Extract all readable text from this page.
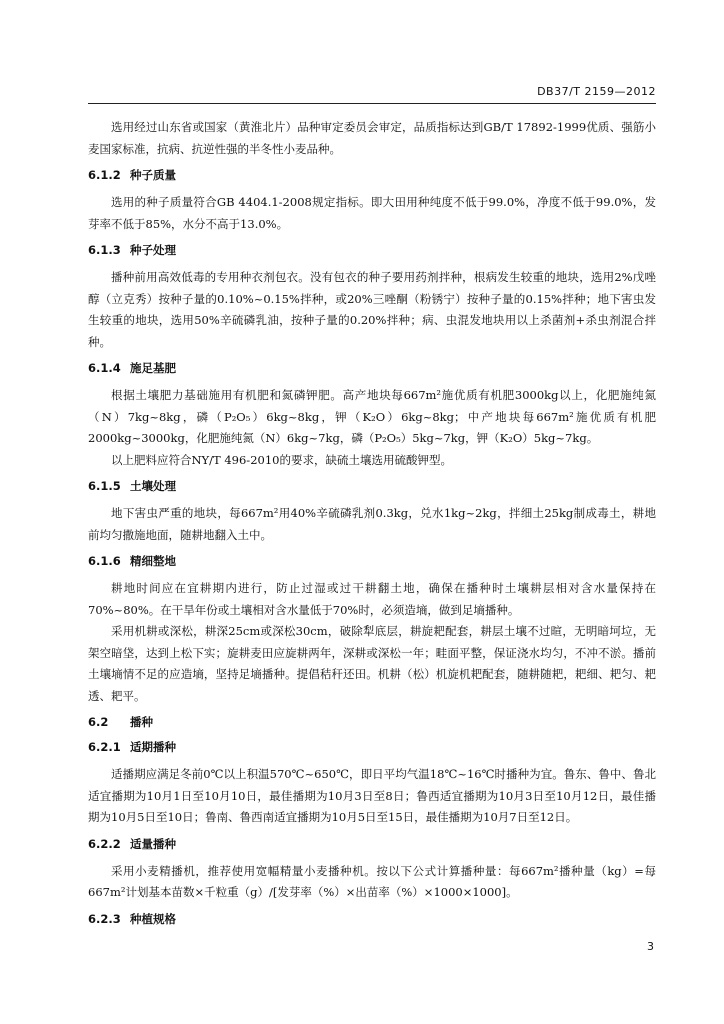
DB37/T 2159—2012

选用经过山东省或国家（黄淮北片）品种审定委员会审定，品质指标达到GB/T 17892-1999优质、强筋小麦国家标准，抗病、抗逆性强的半冬性小麦品种。

6.1.2 种子质量

选用的种子质量符合GB 4404.1-2008规定指标。即大田用种纯度不低于99.0%，净度不低于99.0%，发芽率不低于85%，水分不高于13.0%。

6.1.3 种子处理

播种前用高效低毒的专用种衣剂包衣。没有包衣的种子要用药剂拌种，根病发生较重的地块，选用2%戊唑醇（立克秀）按种子量的0.10%~0.15%拌种，或20%三唑酮（粉锈宁）按种子量的0.15%拌种；地下害虫发生较重的地块，选用50%辛硫磷乳油，按种子量的0.20%拌种；病、虫混发地块用以上杀菌剂+杀虫剂混合拌种。

6.1.4 施足基肥

根据土壤肥力基础施用有机肥和氮磷钾肥。高产地块每667m²施优质有机肥3000kg以上，化肥施纯氮（N）7kg~8kg，磷（P₂O₅）6kg~8kg，钾（K₂O）6kg~8kg；中产地块每667m²施优质有机肥2000kg~3000kg，化肥施纯氮（N）6kg~7kg，磷（P₂O₅）5kg~7kg，钾（K₂O）5kg~7kg。

以上肥料应符合NY/T 496-2010的要求，缺硫土壤选用硫酸钾型。

6.1.5 土壤处理

地下害虫严重的地块，每667m²用40%辛硫磷乳剂0.3kg，兑水1kg~2kg，拌细土25kg制成毒土，耕地前均匀撒施地面，随耕地翻入土中。

6.1.6 精细整地

耕地时间应在宜耕期内进行，防止过湿或过干耕翻土地，确保在播种时土壤耕层相对含水量保持在70%~80%。在干旱年份或土壤相对含水量低于70%时，必须造墒，做到足墒播种。

采用机耕或深松，耕深25cm或深松30cm，破除犁底层，耕旋耙配套，耕层土壤不过暄，无明暗坷垃，无架空暗垡，达到上松下实；旋耕麦田应旋耕两年，深耕或深松一年；畦面平整，保证浇水均匀，不冲不淤。播前土壤墒情不足的应造墒，坚持足墒播种。提倡秸秆还田。机耕（松）机旋机耙配套，随耕随耙，耙细、耙匀、耙透、耙平。

6.2 播种
6.2.1 适期播种

适播期应满足冬前0℃以上积温570℃~650℃，即日平均气温18℃~16℃时播种为宜。鲁东、鲁中、鲁北适宜播期为10月1日至10月10日，最佳播期为10月3日至8日；鲁西适宜播期为10月3日至10月12日，最佳播期为10月5日至10日；鲁南、鲁西南适宜播期为10月5日至15日，最佳播期为10月7日至12日。

6.2.2 适量播种

采用小麦精播机，推荐使用宽幅精量小麦播种机。按以下公式计算播种量：每667m²播种量（kg）=每667m²计划基本苗数×千粒重（g）/[发芽率（%）×出苗率（%）×1000×1000]。

6.2.3 种植规格
3
